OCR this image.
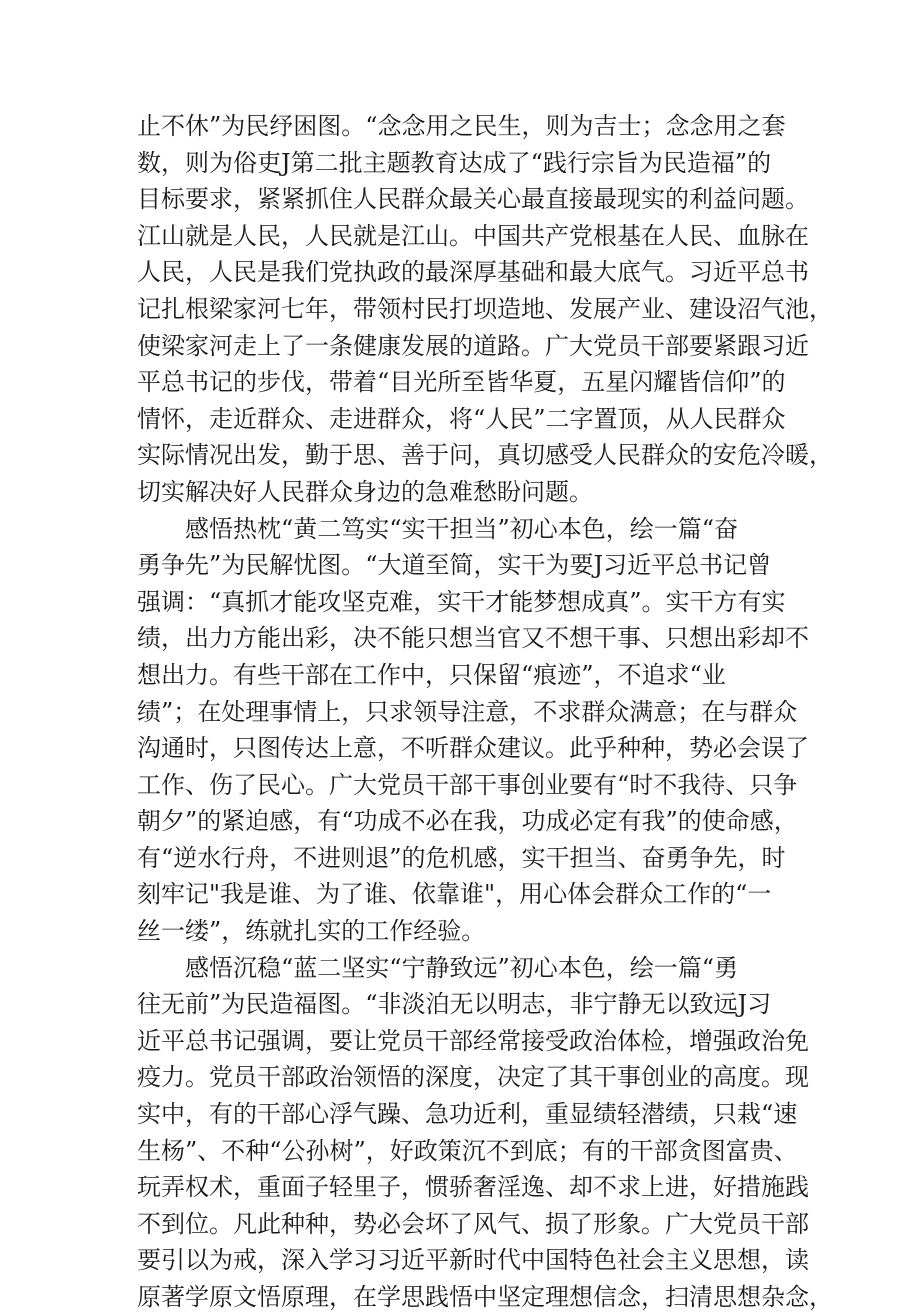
止不休”为民纾困图。“念念用之民生，则为吉士；念念用之套
数，则为俗吏J第二批主题教育达成了“践行宗旨为民造福”的
目标要求，紧紧抓住人民群众最关心最直接最现实的利益问题。
江山就是人民，人民就是江山。中国共产党根基在人民、血脉在
人民，人民是我们党执政的最深厚基础和最大底气。习近平总书
记扎根梁家河七年，带领村民打坝造地、发展产业、建设沼气池，
使梁家河走上了一条健康发展的道路。广大党员干部要紧跟习近
平总书记的步伐，带着“目光所至皆华夏，五星闪耀皆信仰”的
情怀，走近群众、走进群众，将“人民”二字置顶，从人民群众
实际情况出发，勤于思、善于问，真切感受人民群众的安危冷暖，
切实解决好人民群众身边的急难愁盼问题。
　　感悟热枕“黄二笃实“实干担当”初心本色，绘一篇“奋
勇争先”为民解忧图。“大道至简，实干为要J习近平总书记曾
强调：“真抓才能攻坚克难，实干才能梦想成真”。实干方有实
绩，出力方能出彩，决不能只想当官又不想干事、只想出彩却不
想出力。有些干部在工作中，只保留“痕迹”，不追求“业
绩”；在处理事情上，只求领导注意，不求群众满意；在与群众
沟通时，只图传达上意，不听群众建议。此乎种种，势必会误了
工作、伤了民心。广大党员干部干事创业要有“时不我待、只争
朝夕”的紧迫感，有“功成不必在我，功成必定有我”的使命感，
有“逆水行舟，不进则退”的危机感，实干担当、奋勇争先，时
刻牢记"我是谁、为了谁、依靠谁"，用心体会群众工作的“一
丝一缕”，练就扎实的工作经验。
　　感悟沉稳“蓝二坚实“宁静致远”初心本色，绘一篇“勇
往无前”为民造福图。“非淡泊无以明志，非宁静无以致远J习
近平总书记强调，要让党员干部经常接受政治体检，增强政治免
疫力。党员干部政治领悟的深度，决定了其干事创业的高度。现
实中，有的干部心浮气躁、急功近利，重显绩轻潜绩，只栽“速
生杨”、不种“公孙树”，好政策沉不到底；有的干部贪图富贵、
玩弄权术，重面子轻里子，惯骄奢淫逸、却不求上进，好措施践
不到位。凡此种种，势必会坏了风气、损了形象。广大党员干部
要引以为戒，深入学习习近平新时代中国特色社会主义思想，读
原著学原文悟原理，在学思践悟中坚定理想信念，扫清思想杂念，
